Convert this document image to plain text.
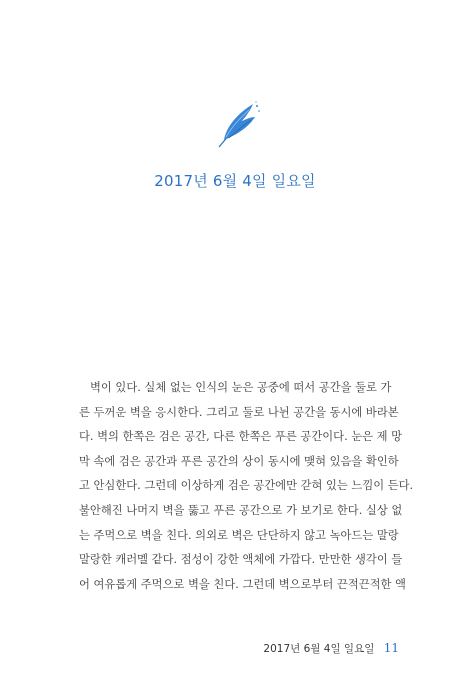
2017년 6월 4일 일요일

벽이 있다. 실체 없는 인식의 눈은 공중에 떠서 공간을 둘로 가
른 두꺼운 벽을 응시한다. 그리고 둘로 나뉜 공간을 동시에 바라본
다. 벽의 한쪽은 검은 공간, 다른 한쪽은 푸른 공간이다. 눈은 제 망
막 속에 검은 공간과 푸른 공간의 상이 동시에 맺혀 있음을 확인하
고 안심한다. 그런데 이상하게 검은 공간에만 갇혀 있는 느낌이 든다.
불안해진 나머지 벽을 뚫고 푸른 공간으로 가 보기로 한다. 실상 없
는 주먹으로 벽을 친다. 의외로 벽은 단단하지 않고 녹아드는 말랑
말랑한 캐러멜 같다. 점성이 강한 액체에 가깝다. 만만한 생각이 들
어 여유롭게 주먹으로 벽을 친다. 그런데 벽으로부터 끈적끈적한 액

2017년 6월 4일 일요일 11
